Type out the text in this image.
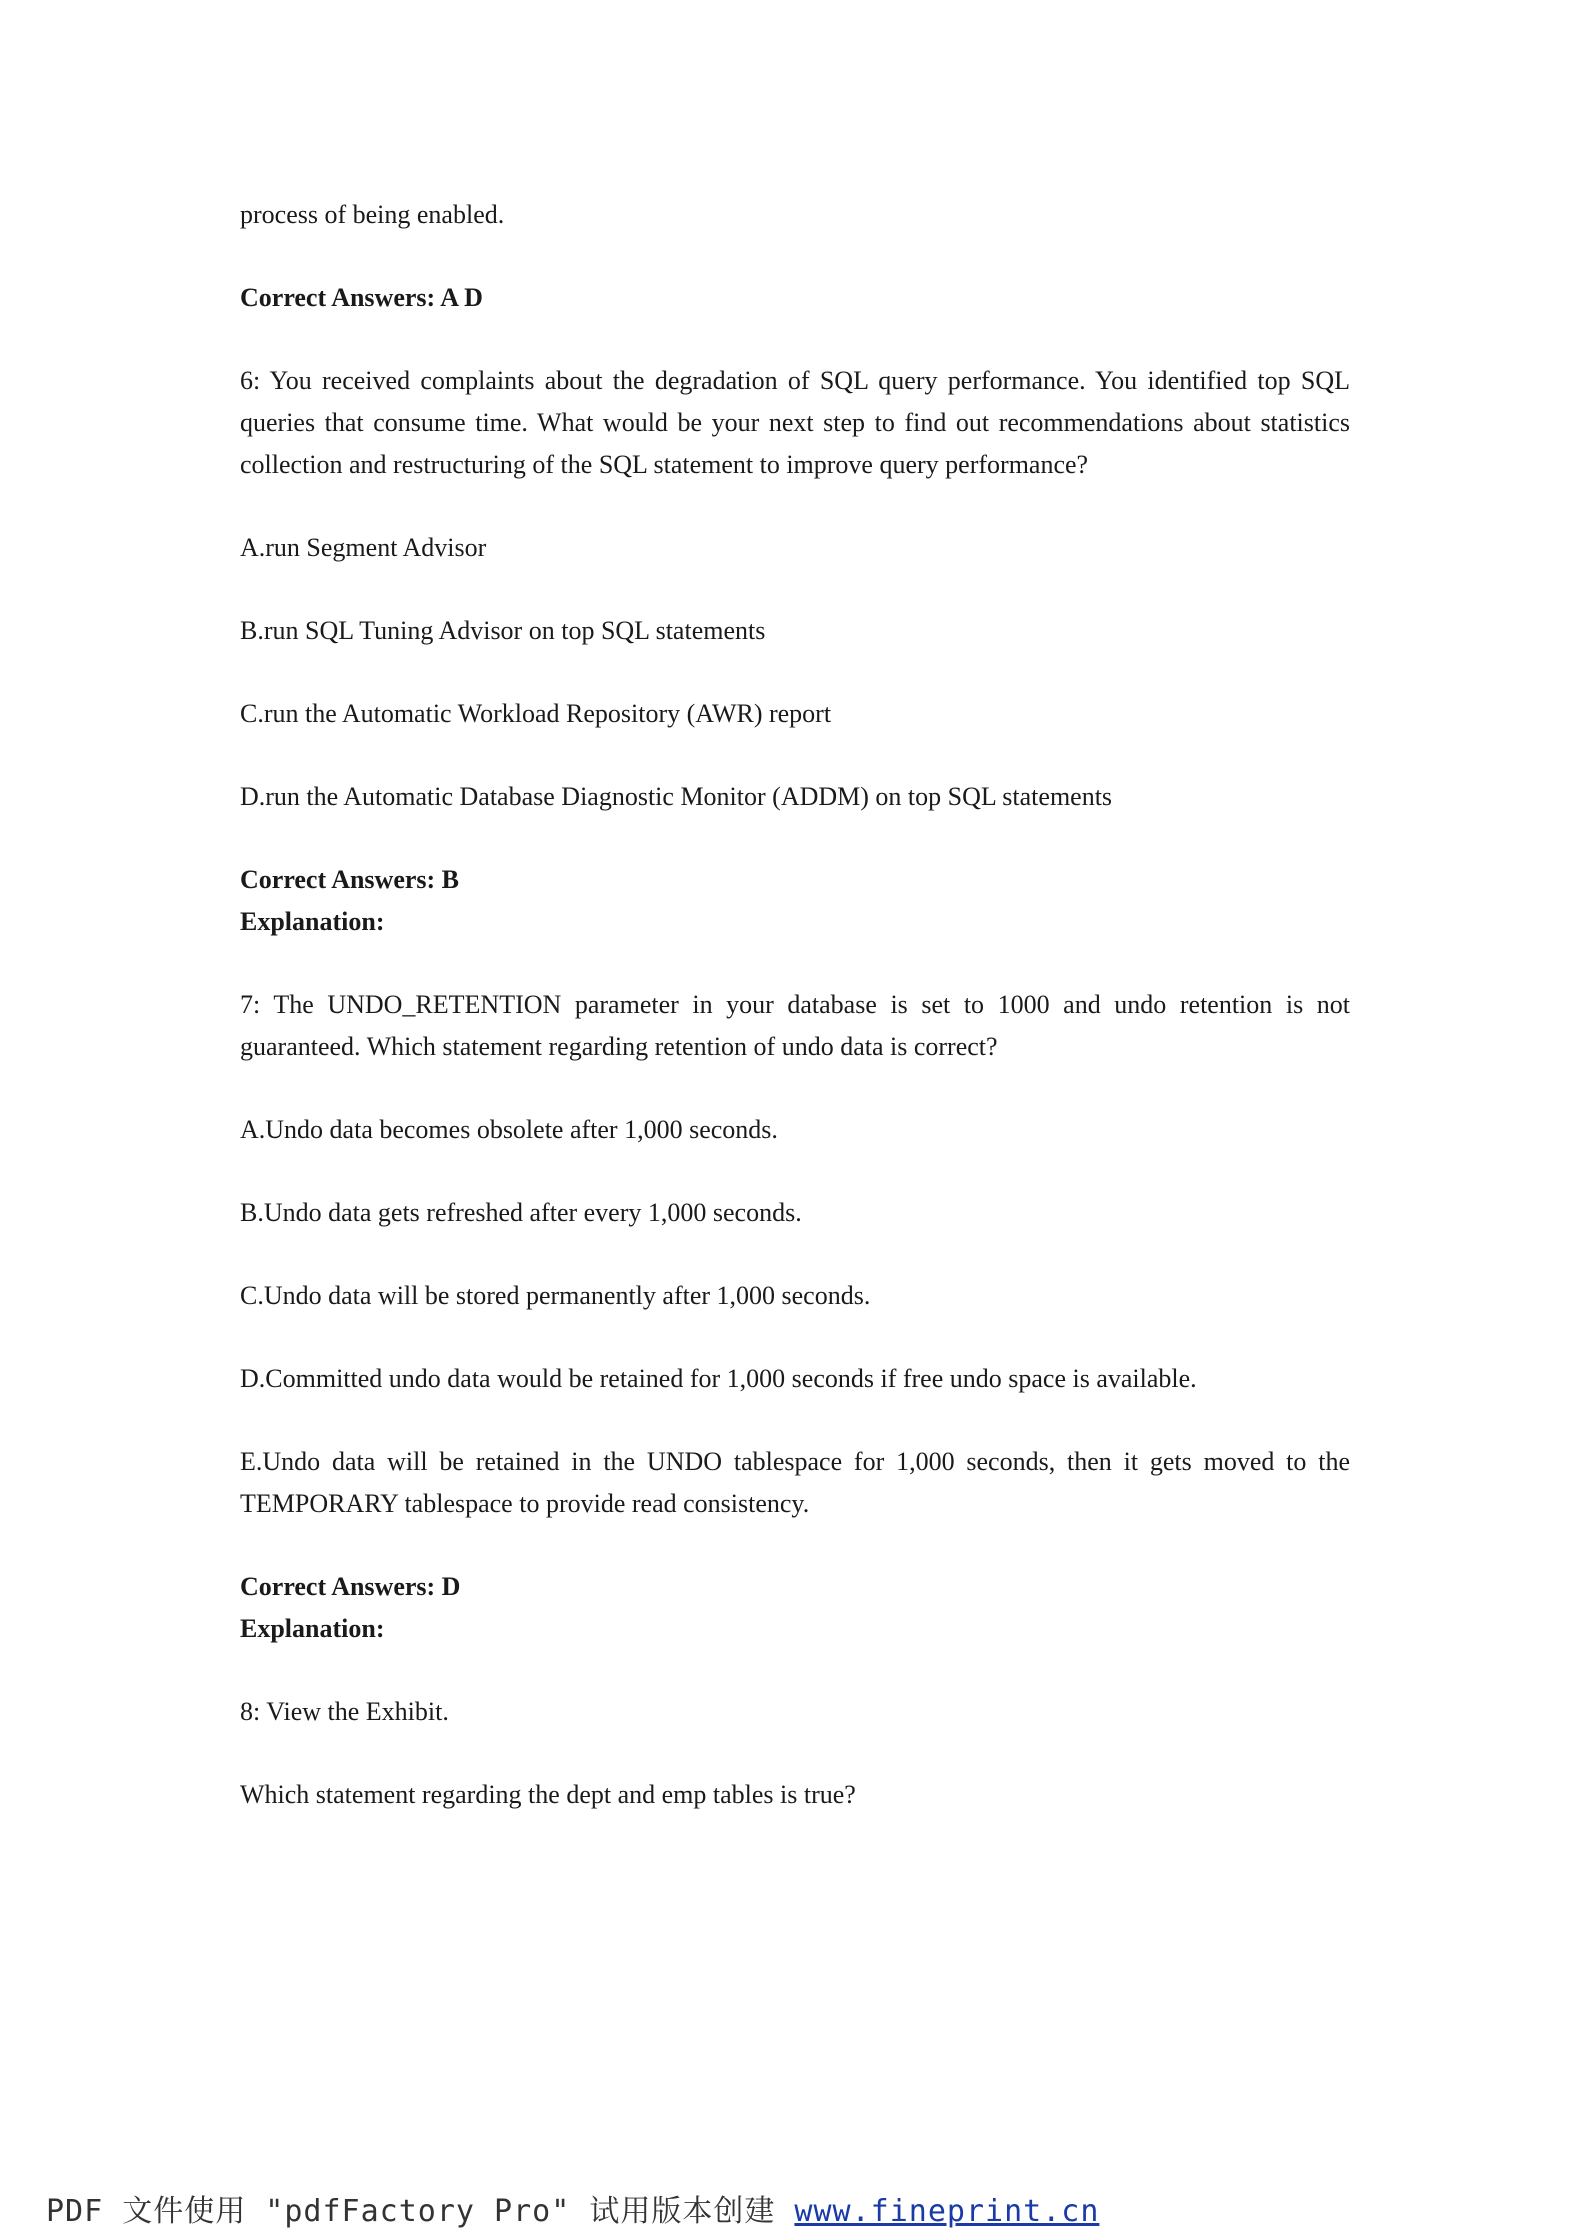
process of being enabled.

Correct Answers: A D

6: You received complaints about the degradation of SQL query performance. You identified top SQL queries that consume time. What would be your next step to find out recommendations about statistics collection and restructuring of the SQL statement to improve query performance?

A.run Segment Advisor

B.run SQL Tuning Advisor on top SQL statements

C.run the Automatic Workload Repository (AWR) report

D.run the Automatic Database Diagnostic Monitor (ADDM) on top SQL statements

Correct Answers: B

Explanation:

7: The UNDO_RETENTION parameter in your database is set to 1000 and undo retention is not guaranteed. Which statement regarding retention of undo data is correct?

A.Undo data becomes obsolete after 1,000 seconds.

B.Undo data gets refreshed after every 1,000 seconds.

C.Undo data will be stored permanently after 1,000 seconds.

D.Committed undo data would be retained for 1,000 seconds if free undo space is available.

E.Undo data will be retained in the UNDO tablespace for 1,000 seconds, then it gets moved to the TEMPORARY tablespace to provide read consistency.

Correct Answers: D

Explanation:

8: View the Exhibit.

Which statement regarding the dept and emp tables is true?

PDF 文件使用 "pdfFactory Pro" 试用版本创建 www.fineprint.cn
